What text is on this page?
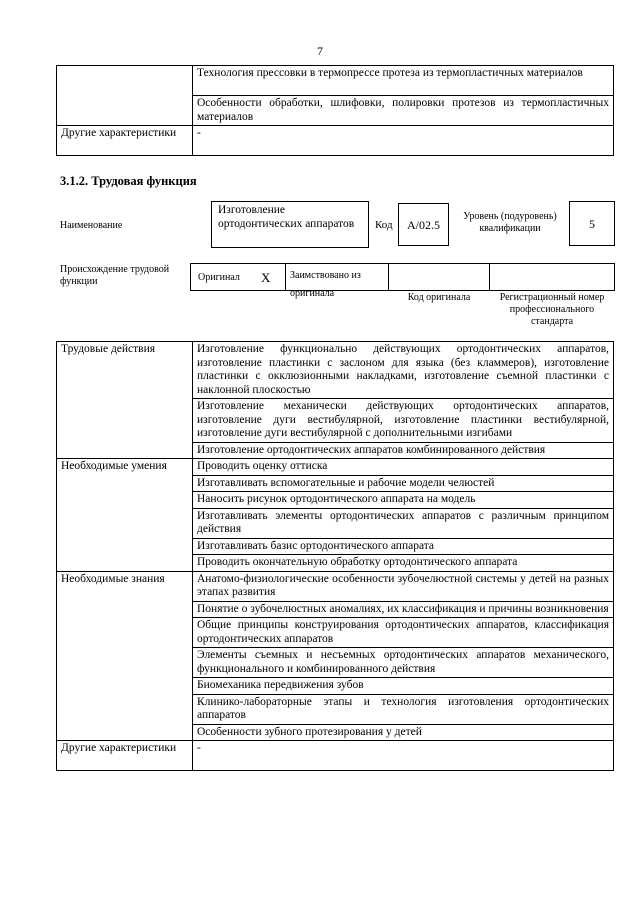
7
	Технология прессовки в термопрессе протеза из термопластичных материалов
	Особенности обработки, шлифовки, полировки протезов из термопластичных материалов
Другие характеристики	-
3.1.2. Трудовая функция
Наименование
Изготовление ортодонтических аппаратов	Код	A/02.5
Уровень (подуровень) квалификации	5
Происхождение трудовой функции	Оригинал X	Заимствовано из оригинала	Код оригинала	Регистрационный номер профессионального стандарта
Трудовые действия	Изготовление функционально действующих ортодонтических аппаратов, изготовление пластинки с заслоном для языка (без кламмеров), изготовление пластинки с окклюзионными накладками, изготовление съемной пластинки с наклонной плоскостью
	Изготовление механически действующих ортодонтических аппаратов, изготовление дуги вестибулярной, изготовление пластинки вестибулярной, изготовление дуги вестибулярной с дополнительными изгибами
	Изготовление ортодонтических аппаратов комбинированного действия
Необходимые умения	Проводить оценку оттиска
	Изготавливать вспомогательные и рабочие модели челюстей
	Наносить рисунок ортодонтического аппарата на модель
	Изготавливать элементы ортодонтических аппаратов с различным принципом действия
	Изготавливать базис ортодонтического аппарата
	Проводить окончательную обработку ортодонтического аппарата
Необходимые знания	Анатомо-физиологические особенности зубочелюстной системы у детей на разных этапах развития
	Понятие о зубочелюстных аномалиях, их классификация и причины возникновения
	Общие принципы конструирования ортодонтических аппаратов, классификация ортодонтических аппаратов
	Элементы съемных и несъемных ортодонтических аппаратов механического, функционального и комбинированного действия
	Биомеханика передвижения зубов
	Клинико-лабораторные этапы и технология изготовления ортодонтических аппаратов
	Особенности зубного протезирования у детей
Другие характеристики	-
